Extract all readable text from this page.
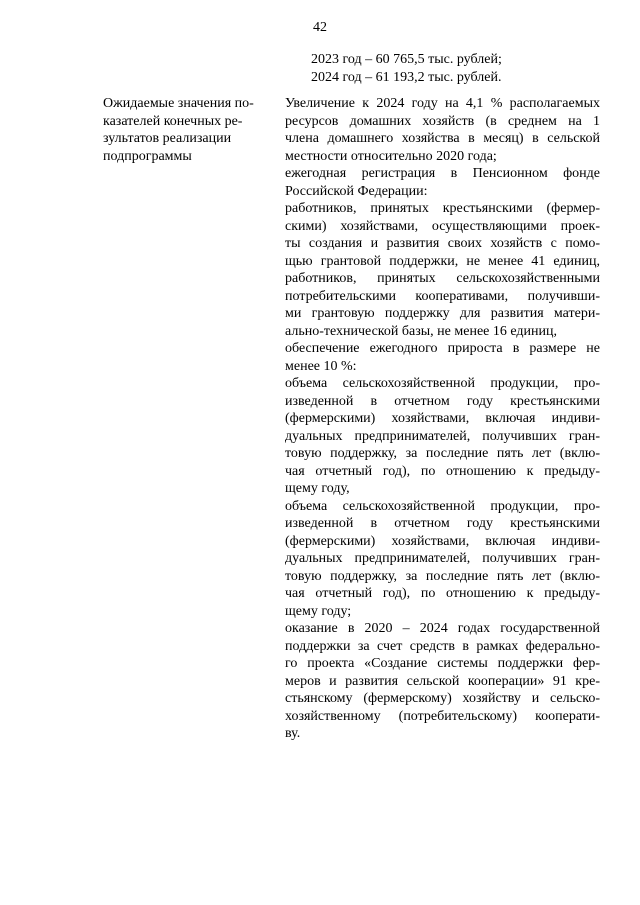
42
2023 год – 60 765,5 тыс. рублей;
2024 год – 61 193,2 тыс. рублей.
Ожидаемые значения по-
казателей конечных ре-
зультатов реализации
подпрограммы
Увеличение к 2024 году на 4,1 % располагаемых
ресурсов домашних хозяйств (в среднем на 1
члена домашнего хозяйства в месяц) в сельской
местности относительно 2020 года;
ежегодная регистрация в Пенсионном фонде
Российской Федерации:
работников, принятых крестьянскими (фермер-
скими) хозяйствами, осуществляющими проек-
ты создания и развития своих хозяйств с помо-
щью грантовой поддержки, не менее 41 единиц,
работников, принятых сельскохозяйственными
потребительскими кооперативами, получивши-
ми грантовую поддержку для развития матери-
ально-технической базы, не менее 16 единиц,
обеспечение ежегодного прироста в размере не
менее 10 %:
объема сельскохозяйственной продукции, про-
изведенной в отчетном году крестьянскими
(фермерскими) хозяйствами, включая индиви-
дуальных предпринимателей, получивших гран-
товую поддержку, за последние пять лет (вклю-
чая отчетный год), по отношению к предыду-
щему году,
объема сельскохозяйственной продукции, про-
изведенной в отчетном году крестьянскими
(фермерскими) хозяйствами, включая индиви-
дуальных предпринимателей, получивших гран-
товую поддержку, за последние пять лет (вклю-
чая отчетный год), по отношению к предыду-
щему году;
оказание в 2020 – 2024 годах государственной
поддержки за счет средств в рамках федерально-
го проекта «Создание системы поддержки фер-
меров и развития сельской кооперации» 91 кре-
стьянскому (фермерскому) хозяйству и сельско-
хозяйственному (потребительскому) кооперати-
ву.
